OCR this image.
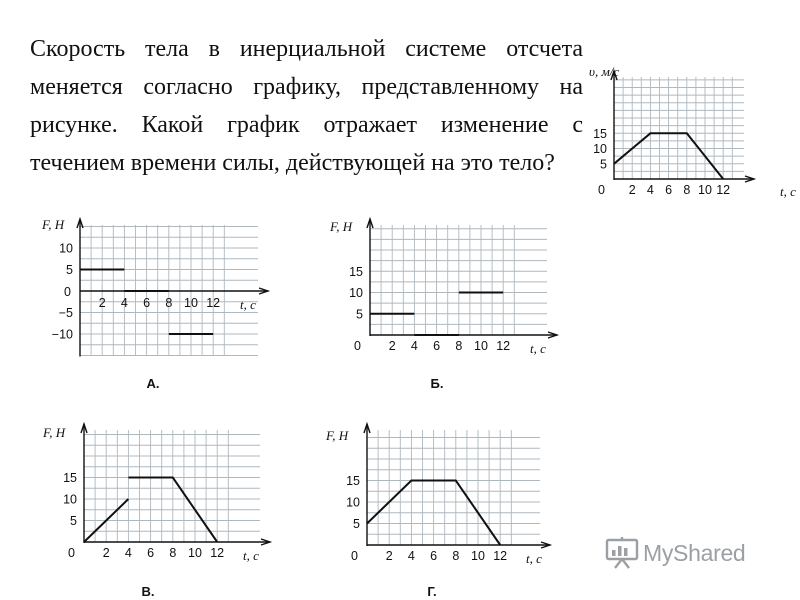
Скорость тела в инерциальной системе отсчета меняется согласно графику, представленному на рисунке. Какой график отражает изменение с течением времени силы, действующей на это тело?

2 4 6 8 10 12
0
5
10
15
υ, м/с
t, с
2 4 6 8 10 12
0
10
5
−5
−10
F, Н
t, с
А.
2 4 6 8 10 12
0
5
10
15
F, Н
t, с
Б.
2 4 6 8 10 12
0
5
10
15
F, Н
t, с
В.
2 4 6 8 10 12
0
5
10
15
F, Н
t, с
Г.
MyShared
